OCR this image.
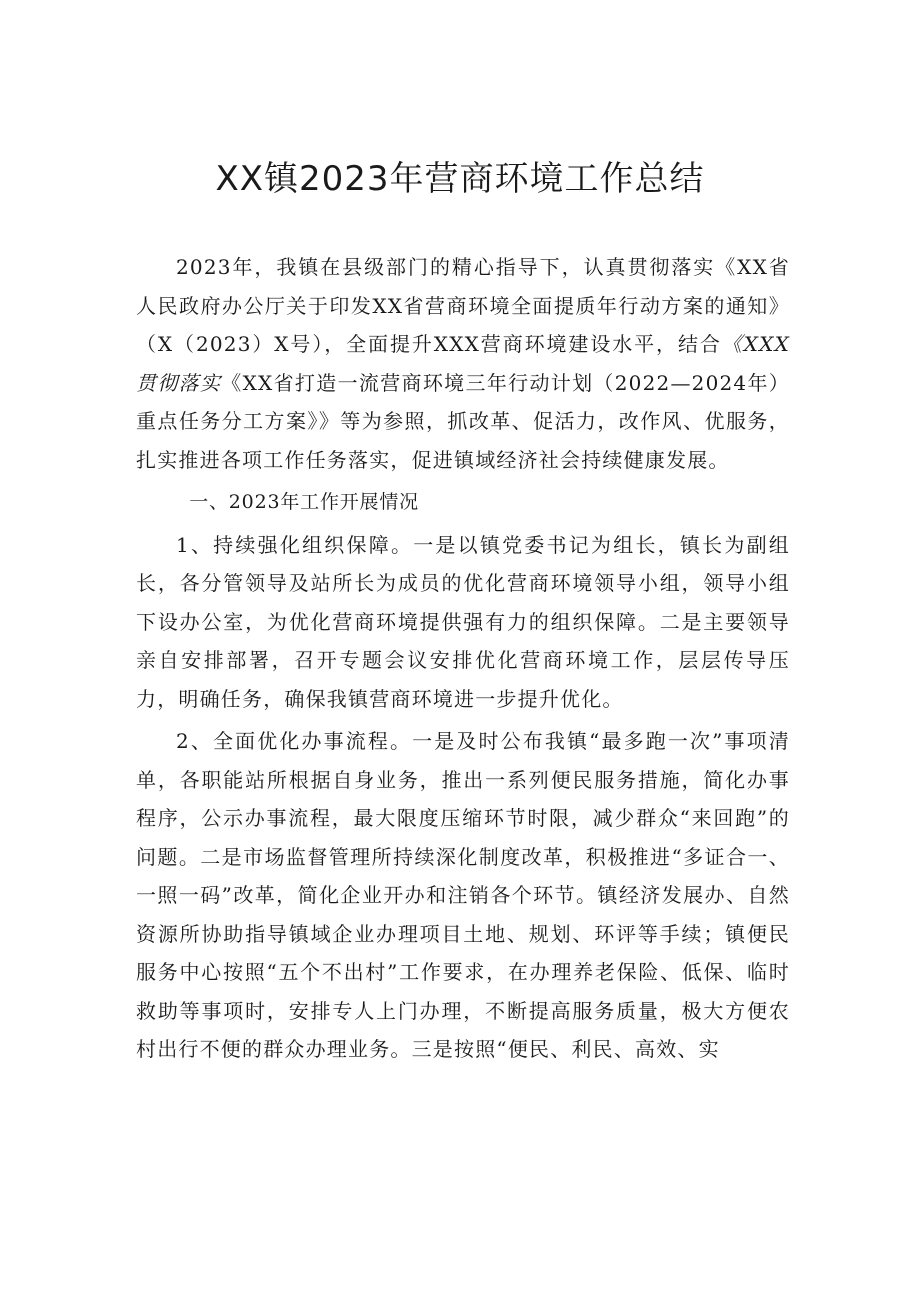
XX镇2023年营商环境工作总结

2023年，我镇在县级部门的精心指导下，认真贯彻落实《XX省人民政府办公厅关于印发XX省营商环境全面提质年行动方案的通知》（X（2023）X号），全面提升XXX营商环境建设水平，结合《XXX贯彻落实《XX省打造一流营商环境三年行动计划（2022—2024年）重点任务分工方案》》等为参照，抓改革、促活力，改作风、优服务，扎实推进各项工作任务落实，促进镇域经济社会持续健康发展。

一、2023年工作开展情况

1、持续强化组织保障。一是以镇党委书记为组长，镇长为副组长，各分管领导及站所长为成员的优化营商环境领导小组，领导小组下设办公室，为优化营商环境提供强有力的组织保障。二是主要领导亲自安排部署，召开专题会议安排优化营商环境工作，层层传导压力，明确任务，确保我镇营商环境进一步提升优化。

2、全面优化办事流程。一是及时公布我镇“最多跑一次”事项清单，各职能站所根据自身业务，推出一系列便民服务措施，简化办事程序，公示办事流程，最大限度压缩环节时限，减少群众“来回跑”的问题。二是市场监督管理所持续深化制度改革，积极推进“多证合一、一照一码”改革，简化企业开办和注销各个环节。镇经济发展办、自然资源所协助指导镇域企业办理项目土地、规划、环评等手续；镇便民服务中心按照“五个不出村”工作要求，在办理养老保险、低保、临时救助等事项时，安排专人上门办理，不断提高服务质量，极大方便农村出行不便的群众办理业务。三是按照“便民、利民、高效、实
